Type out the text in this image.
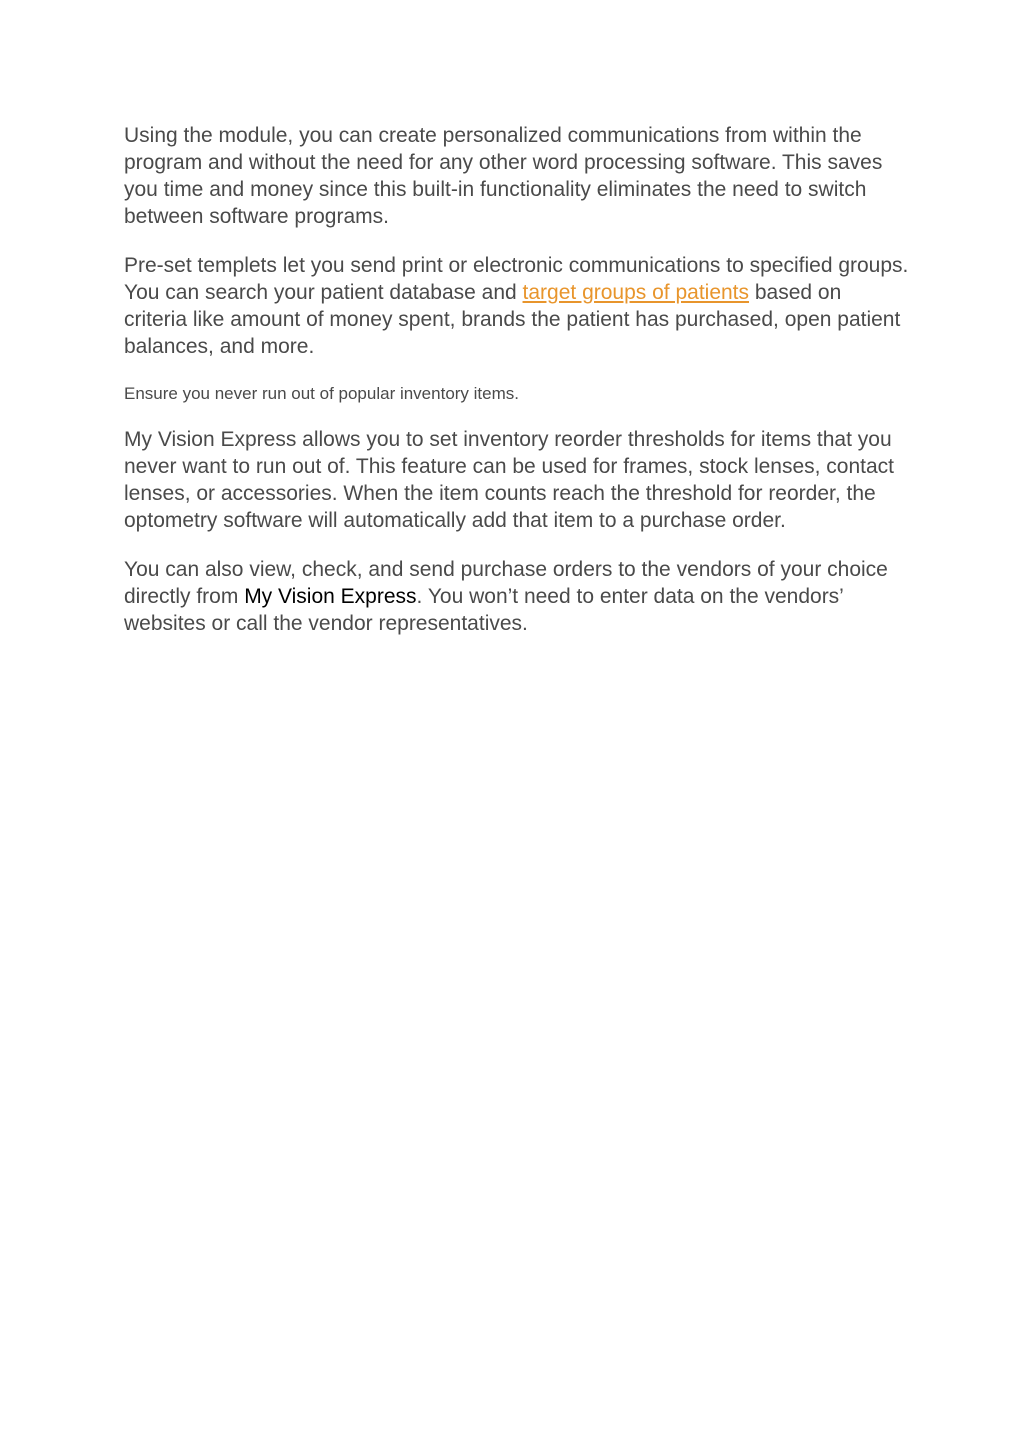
Using the module, you can create personalized communications from within the program and without the need for any other word processing software. This saves you time and money since this built-in functionality eliminates the need to switch between software programs.

Pre-set templets let you send print or electronic communications to specified groups. You can search your patient database and target groups of patients based on criteria like amount of money spent, brands the patient has purchased, open patient balances, and more.

Ensure you never run out of popular inventory items.

My Vision Express allows you to set inventory reorder thresholds for items that you never want to run out of. This feature can be used for frames, stock lenses, contact lenses, or accessories. When the item counts reach the threshold for reorder, the optometry software will automatically add that item to a purchase order.

You can also view, check, and send purchase orders to the vendors of your choice directly from My Vision Express. You won’t need to enter data on the vendors’ websites or call the vendor representatives.
